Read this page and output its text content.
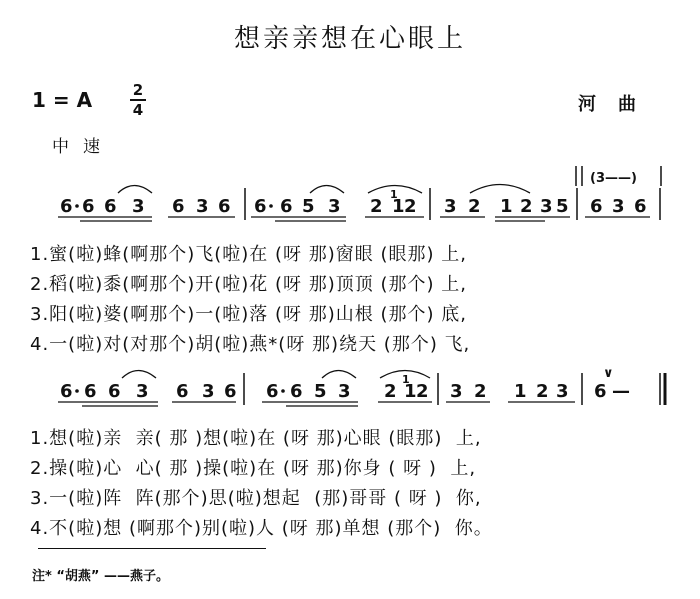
想亲亲想在心眼上
1 = A	2
4	河曲
中速
(3——)
6 6 6 3 6 3 6 6 6 5 3 2 1
1
2 3 2 1 2 3 5 6 3 6
1.蜜(啦)蜂(啊那个)飞(啦)在 (呀 那)窗眼 (眼那) 上,
2.稻(啦)黍(啊那个)开(啦)花 (呀 那)顶顶 (那个) 上,
3.阳(啦)婆(啊那个)一(啦)落 (呀 那)山根 (那个) 底,
4.一(啦)对(对那个)胡(啦)燕*(呀 那)绕天 (那个) 飞,
6 6 6 3 6 3 6 6 6 5 3 2 1
1
2 3 2 1 2 3 6 —
∨
1.想(啦)亲  亲( 那 )想(啦)在 (呀 那)心眼 (眼那)  上,
2.操(啦)心  心( 那 )操(啦)在 (呀 那)你身 ( 呀 )  上,
3.一(啦)阵  阵(那个)思(啦)想起  (那)哥哥 ( 呀 )  你,
4.不(啦)想 (啊那个)别(啦)人 (呀 那)单想 (那个)  你。
注* “胡燕” ——燕子。
